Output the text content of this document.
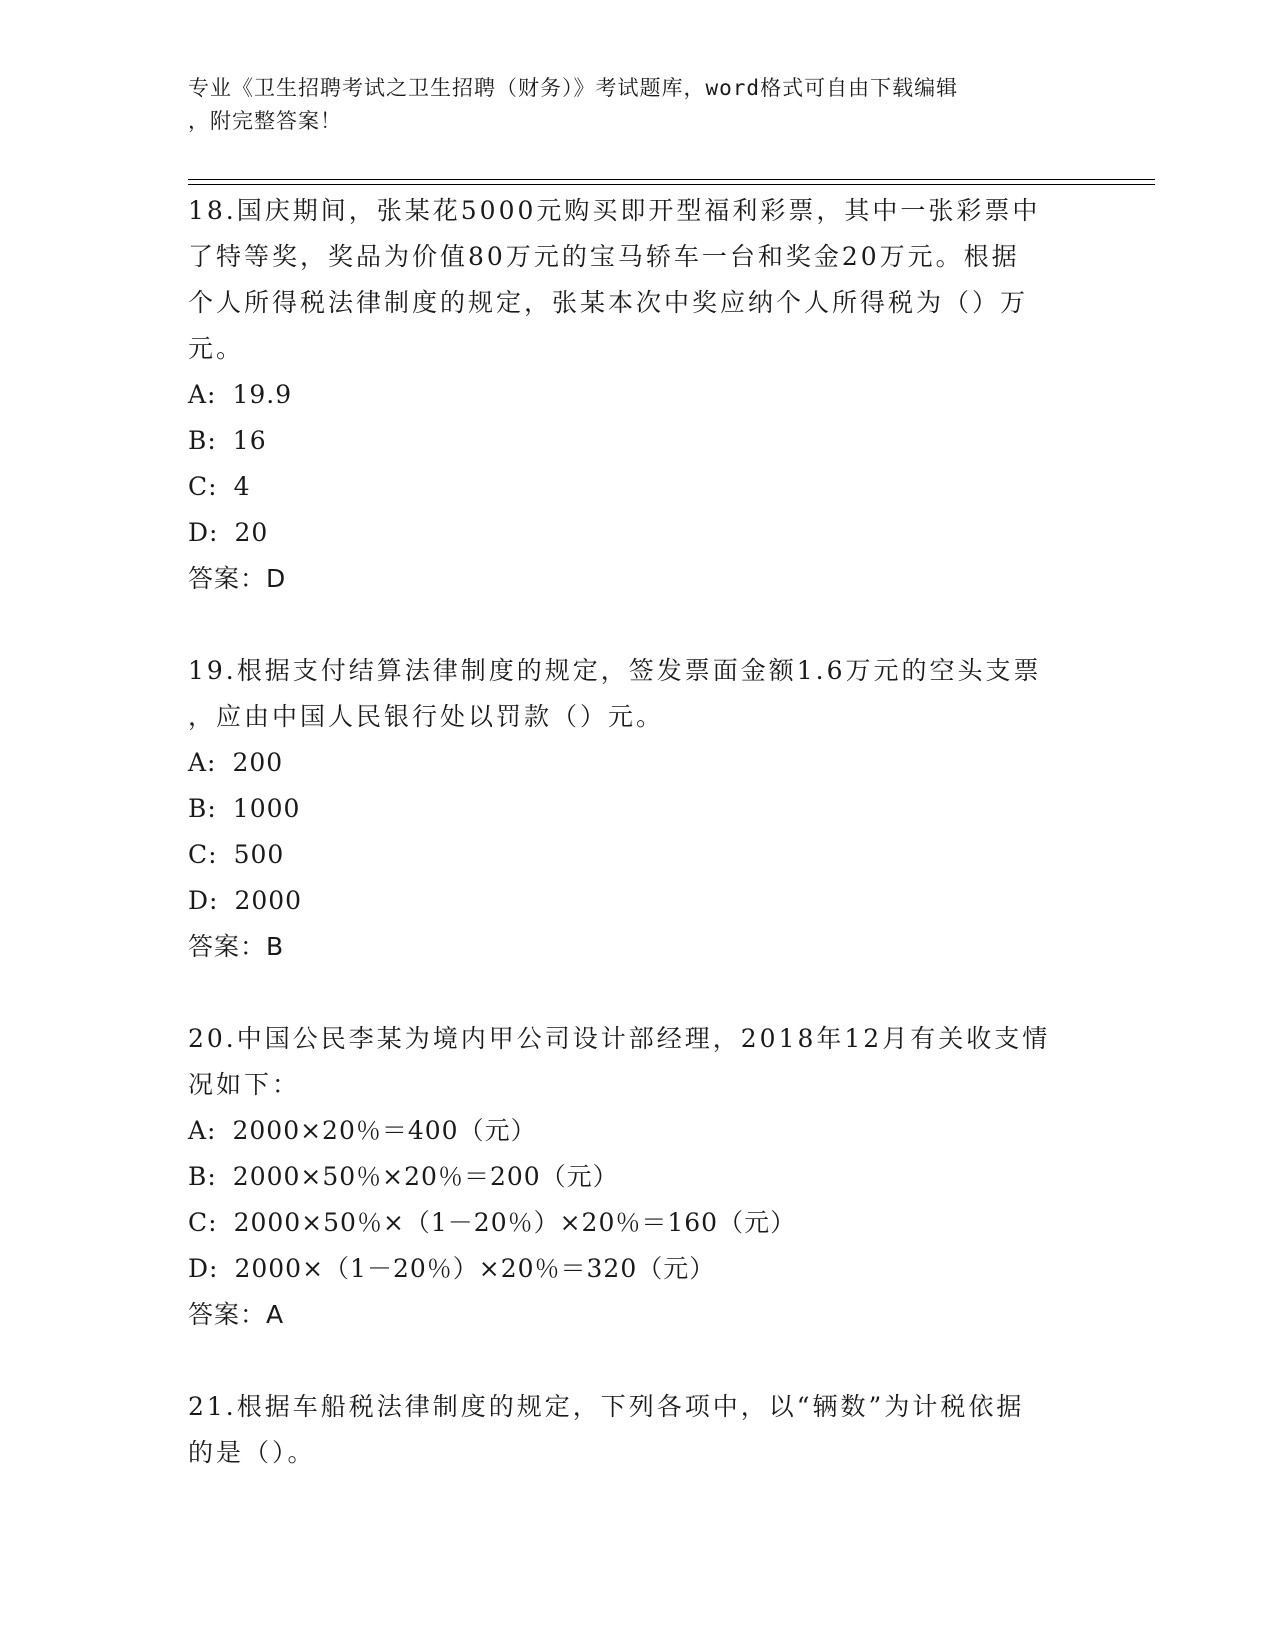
专业《卫生招聘考试之卫生招聘（财务）》考试题库，word格式可自由下载编辑
，附完整答案！

18.国庆期间，张某花5000元购买即开型福利彩票，其中一张彩票中

了特等奖，奖品为价值80万元的宝马轿车一台和奖金20万元。根据

个人所得税法律制度的规定，张某本次中奖应纳个人所得税为（）万

元。

A: 19.9

B: 16

C: 4

D: 20

答案：D

19.根据支付结算法律制度的规定，签发票面金额1.6万元的空头支票

，应由中国人民银行处以罚款（）元。

A: 200

B: 1000

C: 500

D: 2000

答案：B

20.中国公民李某为境内甲公司设计部经理，2018年12月有关收支情

况如下：

A: 2000×20％＝400（元）

B: 2000×50％×20％＝200（元）

C: 2000×50％×（1－20％）×20％＝160（元）

D: 2000×（1－20％）×20％＝320（元）

答案：A

21.根据车船税法律制度的规定，下列各项中，以“辆数”为计税依据

的是（）。
